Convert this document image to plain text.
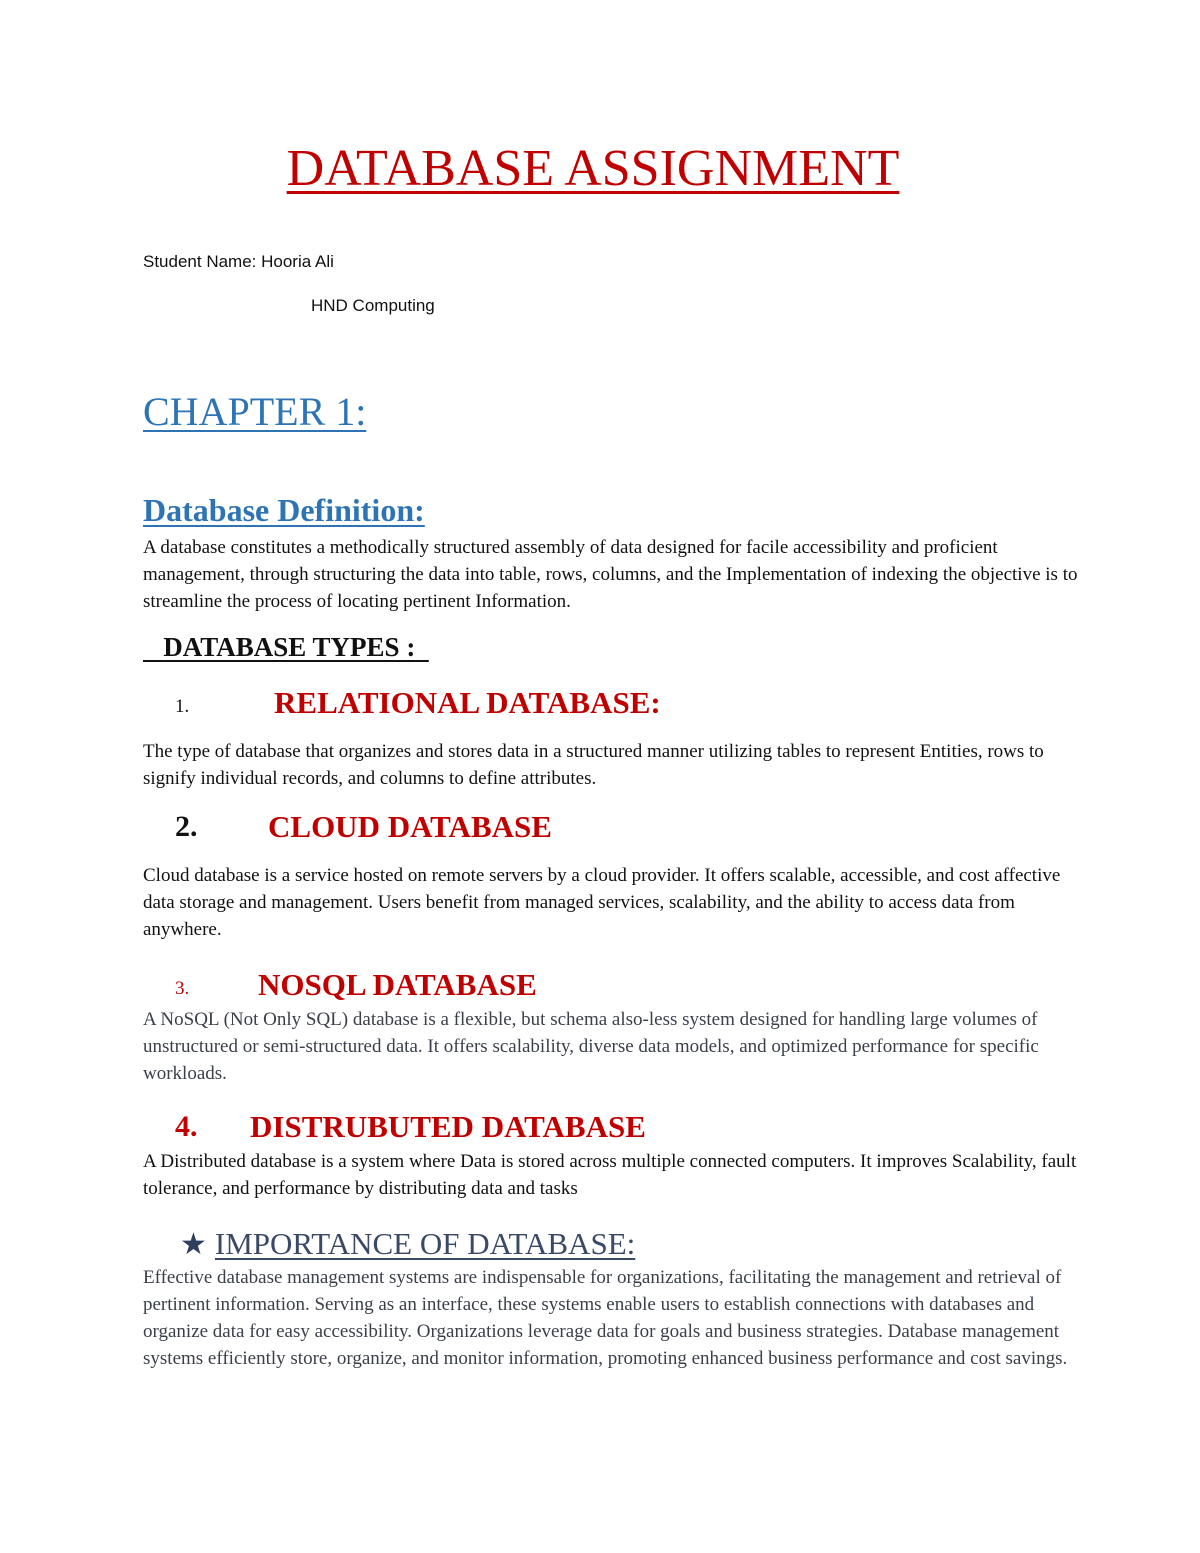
DATABASE ASSIGNMENT
Student Name: Hooria Ali
HND Computing
CHAPTER 1:
Database Definition:
A database constitutes a methodically structured assembly of data designed for facile accessibility and proficient management, through structuring the data into table, rows, columns, and the Implementation of indexing the objective is to streamline the process of locating pertinent Information.
DATABASE TYPES :
1.	RELATIONAL DATABASE:
The type of database that organizes and stores data in a structured manner utilizing tables to represent Entities, rows to signify individual records, and columns to define attributes.
2. CLOUD DATABASE
Cloud database is a service hosted on remote servers by a cloud provider. It offers scalable, accessible, and cost affective data storage and management. Users benefit from managed services, scalability, and the ability to access data from anywhere.
3. NOSQL DATABASE
A NoSQL (Not Only SQL) database is a flexible, but schema also-less system designed for handling large volumes of unstructured or semi-structured data. It offers scalability, diverse data models, and optimized performance for specific workloads.
4. DISTRUBUTED DATABASE
A Distributed database is a system where Data is stored across multiple connected computers. It improves Scalability, fault tolerance, and performance by distributing data and tasks
★ IMPORTANCE OF DATABASE:
Effective database management systems are indispensable for organizations, facilitating the management and retrieval of pertinent information. Serving as an interface, these systems enable users to establish connections with databases and organize data for easy accessibility. Organizations leverage data for goals and business strategies. Database management systems efficiently store, organize, and monitor information, promoting enhanced business performance and cost savings.
